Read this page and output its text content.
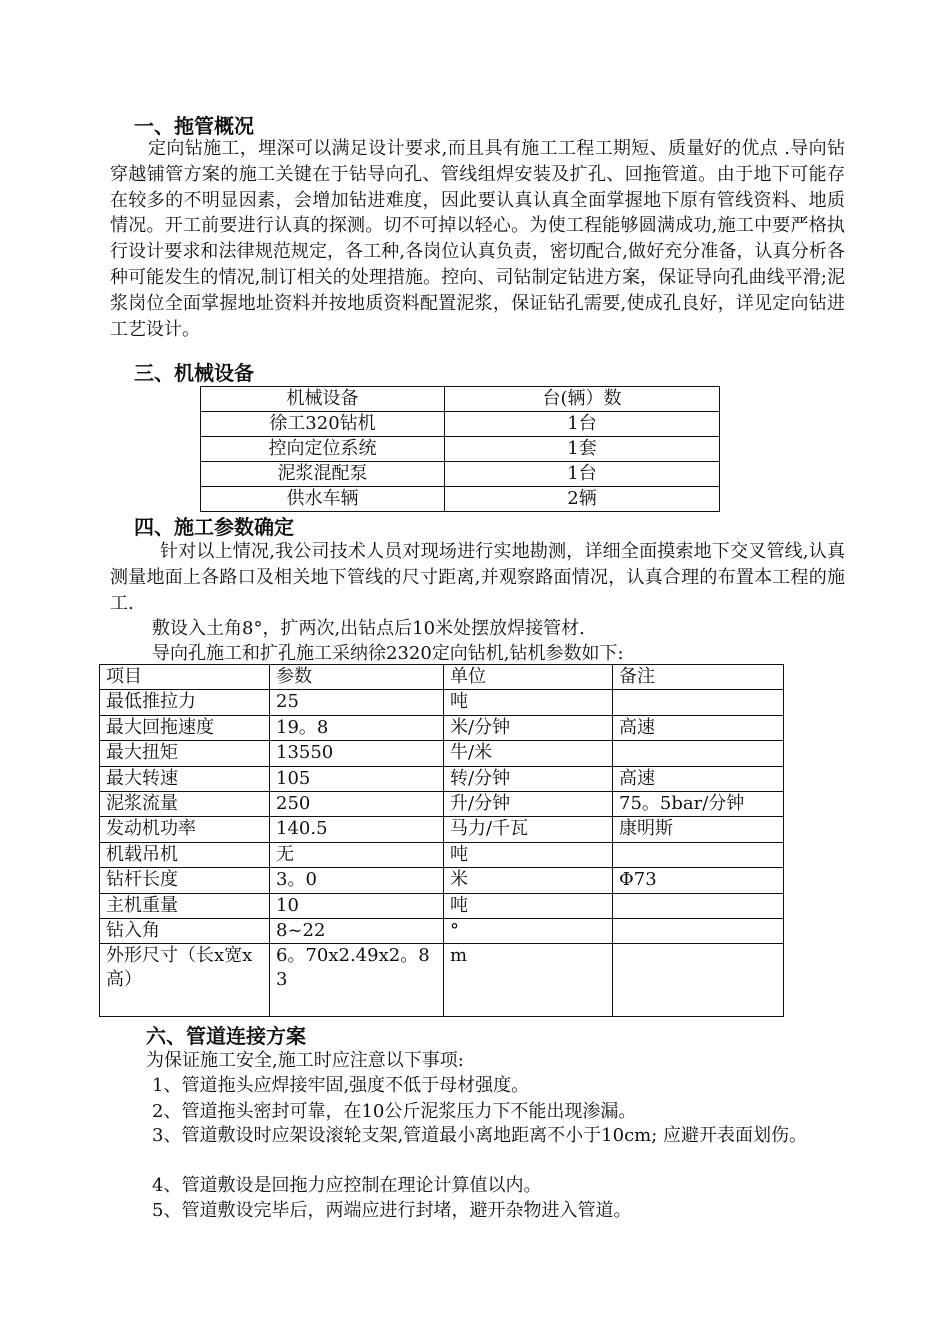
一、拖管概况

定向钻施工，埋深可以满足设计要求,而且具有施工工程工期短、质量好的优点 .导向钻穿越铺管方案的施工关键在于钻导向孔、管线组焊安装及扩孔、回拖管道。由于地下可能存在较多的不明显因素，会增加钻进难度，因此要认真认真全面掌握地下原有管线资料、地质情况。开工前要进行认真的探测。切不可掉以轻心。为使工程能够圆满成功,施工中要严格执行设计要求和法律规范规定，各工种,各岗位认真负责，密切配合,做好充分准备，认真分析各种可能发生的情况,制订相关的处理措施。控向、司钻制定钻进方案，保证导向孔曲线平滑;泥浆岗位全面掌握地址资料并按地质资料配置泥浆，保证钻孔需要,使成孔良好，详见定向钻进工艺设计。

三、机械设备
机械设备	台(辆）数
徐工320钻机	1台
控向定位系统	1套
泥浆混配泵	1台
供水车辆	2辆
四、施工参数确定

针对以上情况,我公司技术人员对现场进行实地勘测，详细全面摸索地下交叉管线,认真测量地面上各路口及相关地下管线的尺寸距离,并观察路面情况，认真合理的布置本工程的施工.

敷设入土角8°，扩两次,出钻点后10米处摆放焊接管材.
导向孔施工和扩孔施工采纳徐2320定向钻机,钻机参数如下:
项目	参数	单位	备注
最低推拉力	25	吨	
最大回拖速度	19。8	米/分钟	高速
最大扭矩	13550	牛/米	
最大转速	105	转/分钟	高速
泥浆流量	250	升/分钟	75。5bar/分钟
发动机功率	140.5	马力/千瓦	康明斯
机载吊机	无	吨	
钻杆长度	3。0	米	Φ73
主机重量	10	吨	
钻入角	8~22	°	
外形尺寸（长x宽x高）	6。70x2.49x2。83	m	
六、管道连接方案
为保证施工安全,施工时应注意以下事项:
1、管道拖头应焊接牢固,强度不低于母材强度。
2、管道拖头密封可靠，在10公斤泥浆压力下不能出现渗漏。

3、管道敷设时应架设滚轮支架,管道最小离地距离不小于10cm; 应避开表面划伤。

4、管道敷设是回拖力应控制在理论计算值以内。
5、管道敷设完毕后，两端应进行封堵，避开杂物进入管道。
